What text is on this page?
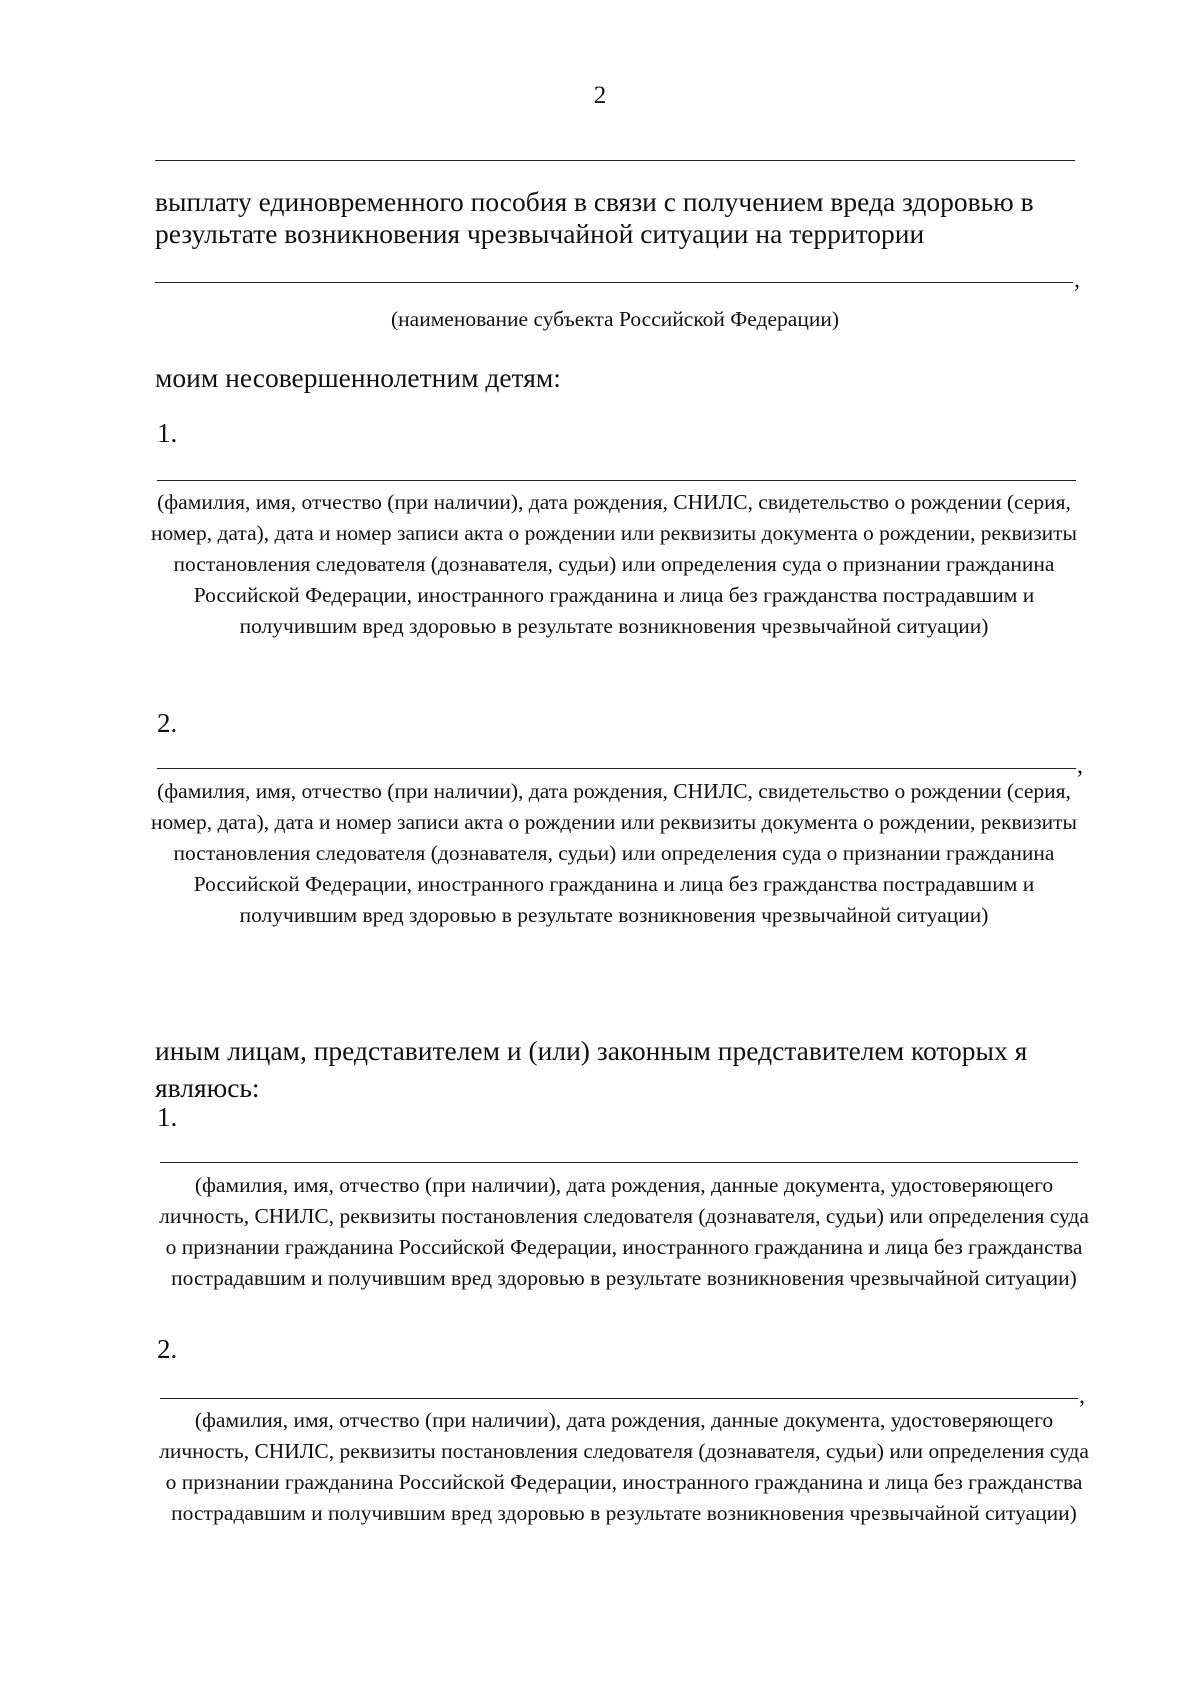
2
выплату единовременного пособия в связи с получением вреда здоровью в результате возникновения чрезвычайной ситуации на территории
,
(наименование субъекта Российской Федерации)
моим несовершеннолетним детям:
1.
(фамилия, имя, отчество (при наличии), дата рождения, СНИЛС, свидетельство о рождении (серия, номер, дата), дата и номер записи акта о рождении или реквизиты документа о рождении, реквизиты постановления следователя (дознавателя, судьи) или определения суда о признании гражданина Российской Федерации, иностранного гражданина и лица без гражданства пострадавшим и получившим вред здоровью в результате возникновения чрезвычайной ситуации)
2.
,
(фамилия, имя, отчество (при наличии), дата рождения, СНИЛС, свидетельство о рождении (серия, номер, дата), дата и номер записи акта о рождении или реквизиты документа о рождении, реквизиты постановления следователя (дознавателя, судьи) или определения суда о признании гражданина Российской Федерации, иностранного гражданина и лица без гражданства пострадавшим и получившим вред здоровью в результате возникновения чрезвычайной ситуации)
иным лицам, представителем и (или) законным представителем которых я являюсь:
1.
(фамилия, имя, отчество (при наличии), дата рождения, данные документа, удостоверяющего личность, СНИЛС, реквизиты постановления следователя (дознавателя, судьи) или определения суда о признании гражданина Российской Федерации, иностранного гражданина и лица без гражданства пострадавшим и получившим вред здоровью в результате возникновения чрезвычайной ситуации)
2.
,
(фамилия, имя, отчество (при наличии), дата рождения, данные документа, удостоверяющего личность, СНИЛС, реквизиты постановления следователя (дознавателя, судьи) или определения суда о признании гражданина Российской Федерации, иностранного гражданина и лица без гражданства пострадавшим и получившим вред здоровью в результате возникновения чрезвычайной ситуации)
